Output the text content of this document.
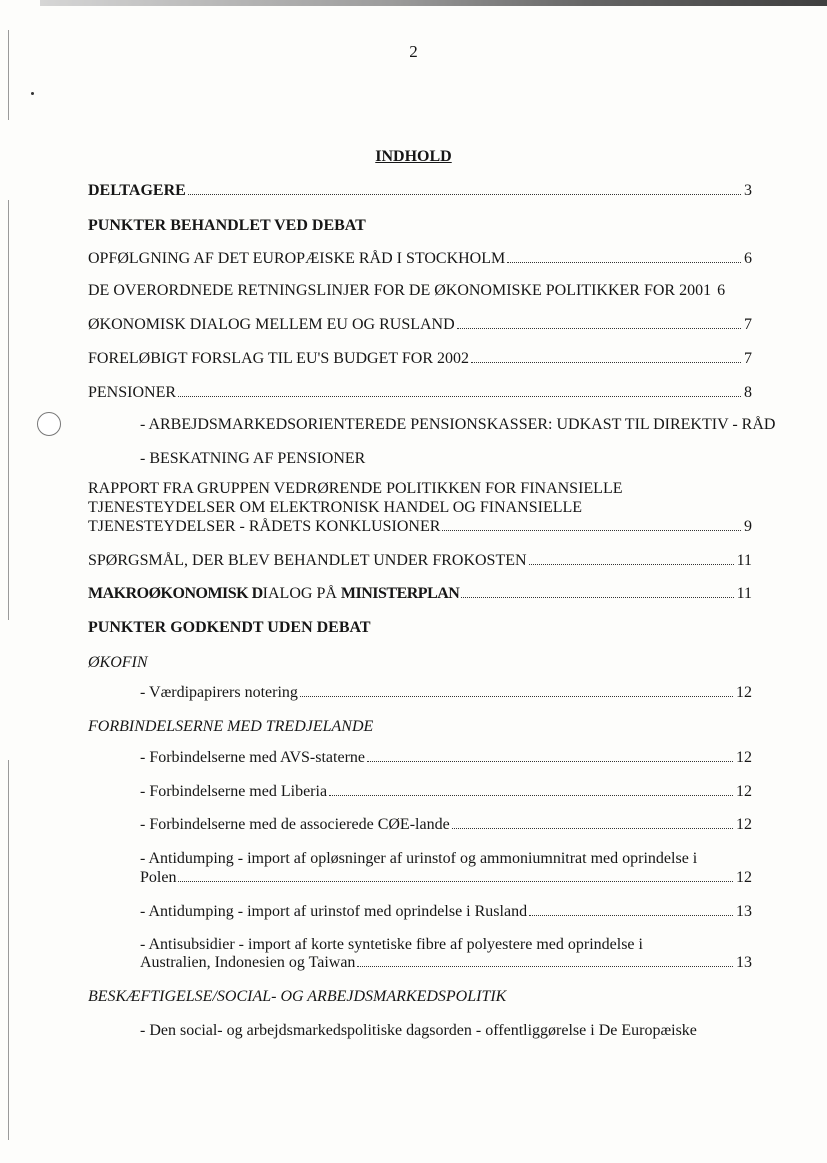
2
INDHOLD
DELTAGERE	3
PUNKTER BEHANDLET VED DEBAT
OPFØLGNING AF DET EUROPÆISKE RÅD I STOCKHOLM	6
DE OVERORDNEDE RETNINGSLINJER FOR DE ØKONOMISKE POLITIKKER FOR 2001 6
ØKONOMISK DIALOG MELLEM EU OG RUSLAND	7
FORELØBIGT FORSLAG TIL EU'S BUDGET FOR 2002	7
PENSIONER	8
- ARBEJDSMARKEDSORIENTEREDE PENSIONSKASSER: UDKAST TIL DIREKTIV - RÅD
- BESKATNING AF PENSIONER
RAPPORT FRA GRUPPEN VEDRØRENDE POLITIKKEN FOR FINANSIELLE
TJENESTEYDELSER OM ELEKTRONISK HANDEL OG FINANSIELLE
TJENESTEYDELSER - RÅDETS KONKLUSIONER	9
SPØRGSMÅL, DER BLEV BEHANDLET UNDER FROKOSTEN	11
MAKROØKONOMISK DIALOG PÅ MINISTERPLAN	11
PUNKTER GODKENDT UDEN DEBAT
ØKOFIN
- Værdipapirers notering	12
FORBINDELSERNE MED TREDJELANDE
- Forbindelserne med AVS-staterne	12
- Forbindelserne med Liberia	12
- Forbindelserne med de associerede CØE-lande	12
- Antidumping - import af opløsninger af urinstof og ammoniumnitrat med oprindelse i
Polen	12
- Antidumping - import af urinstof med oprindelse i Rusland	13
- Antisubsidier - import af korte syntetiske fibre af polyestere med oprindelse i
Australien, Indonesien og Taiwan	13
BESKÆFTIGELSE/SOCIAL- OG ARBEJDSMARKEDSPOLITIK
- Den social- og arbejdsmarkedspolitiske dagsorden - offentliggørelse i De Europæiske
